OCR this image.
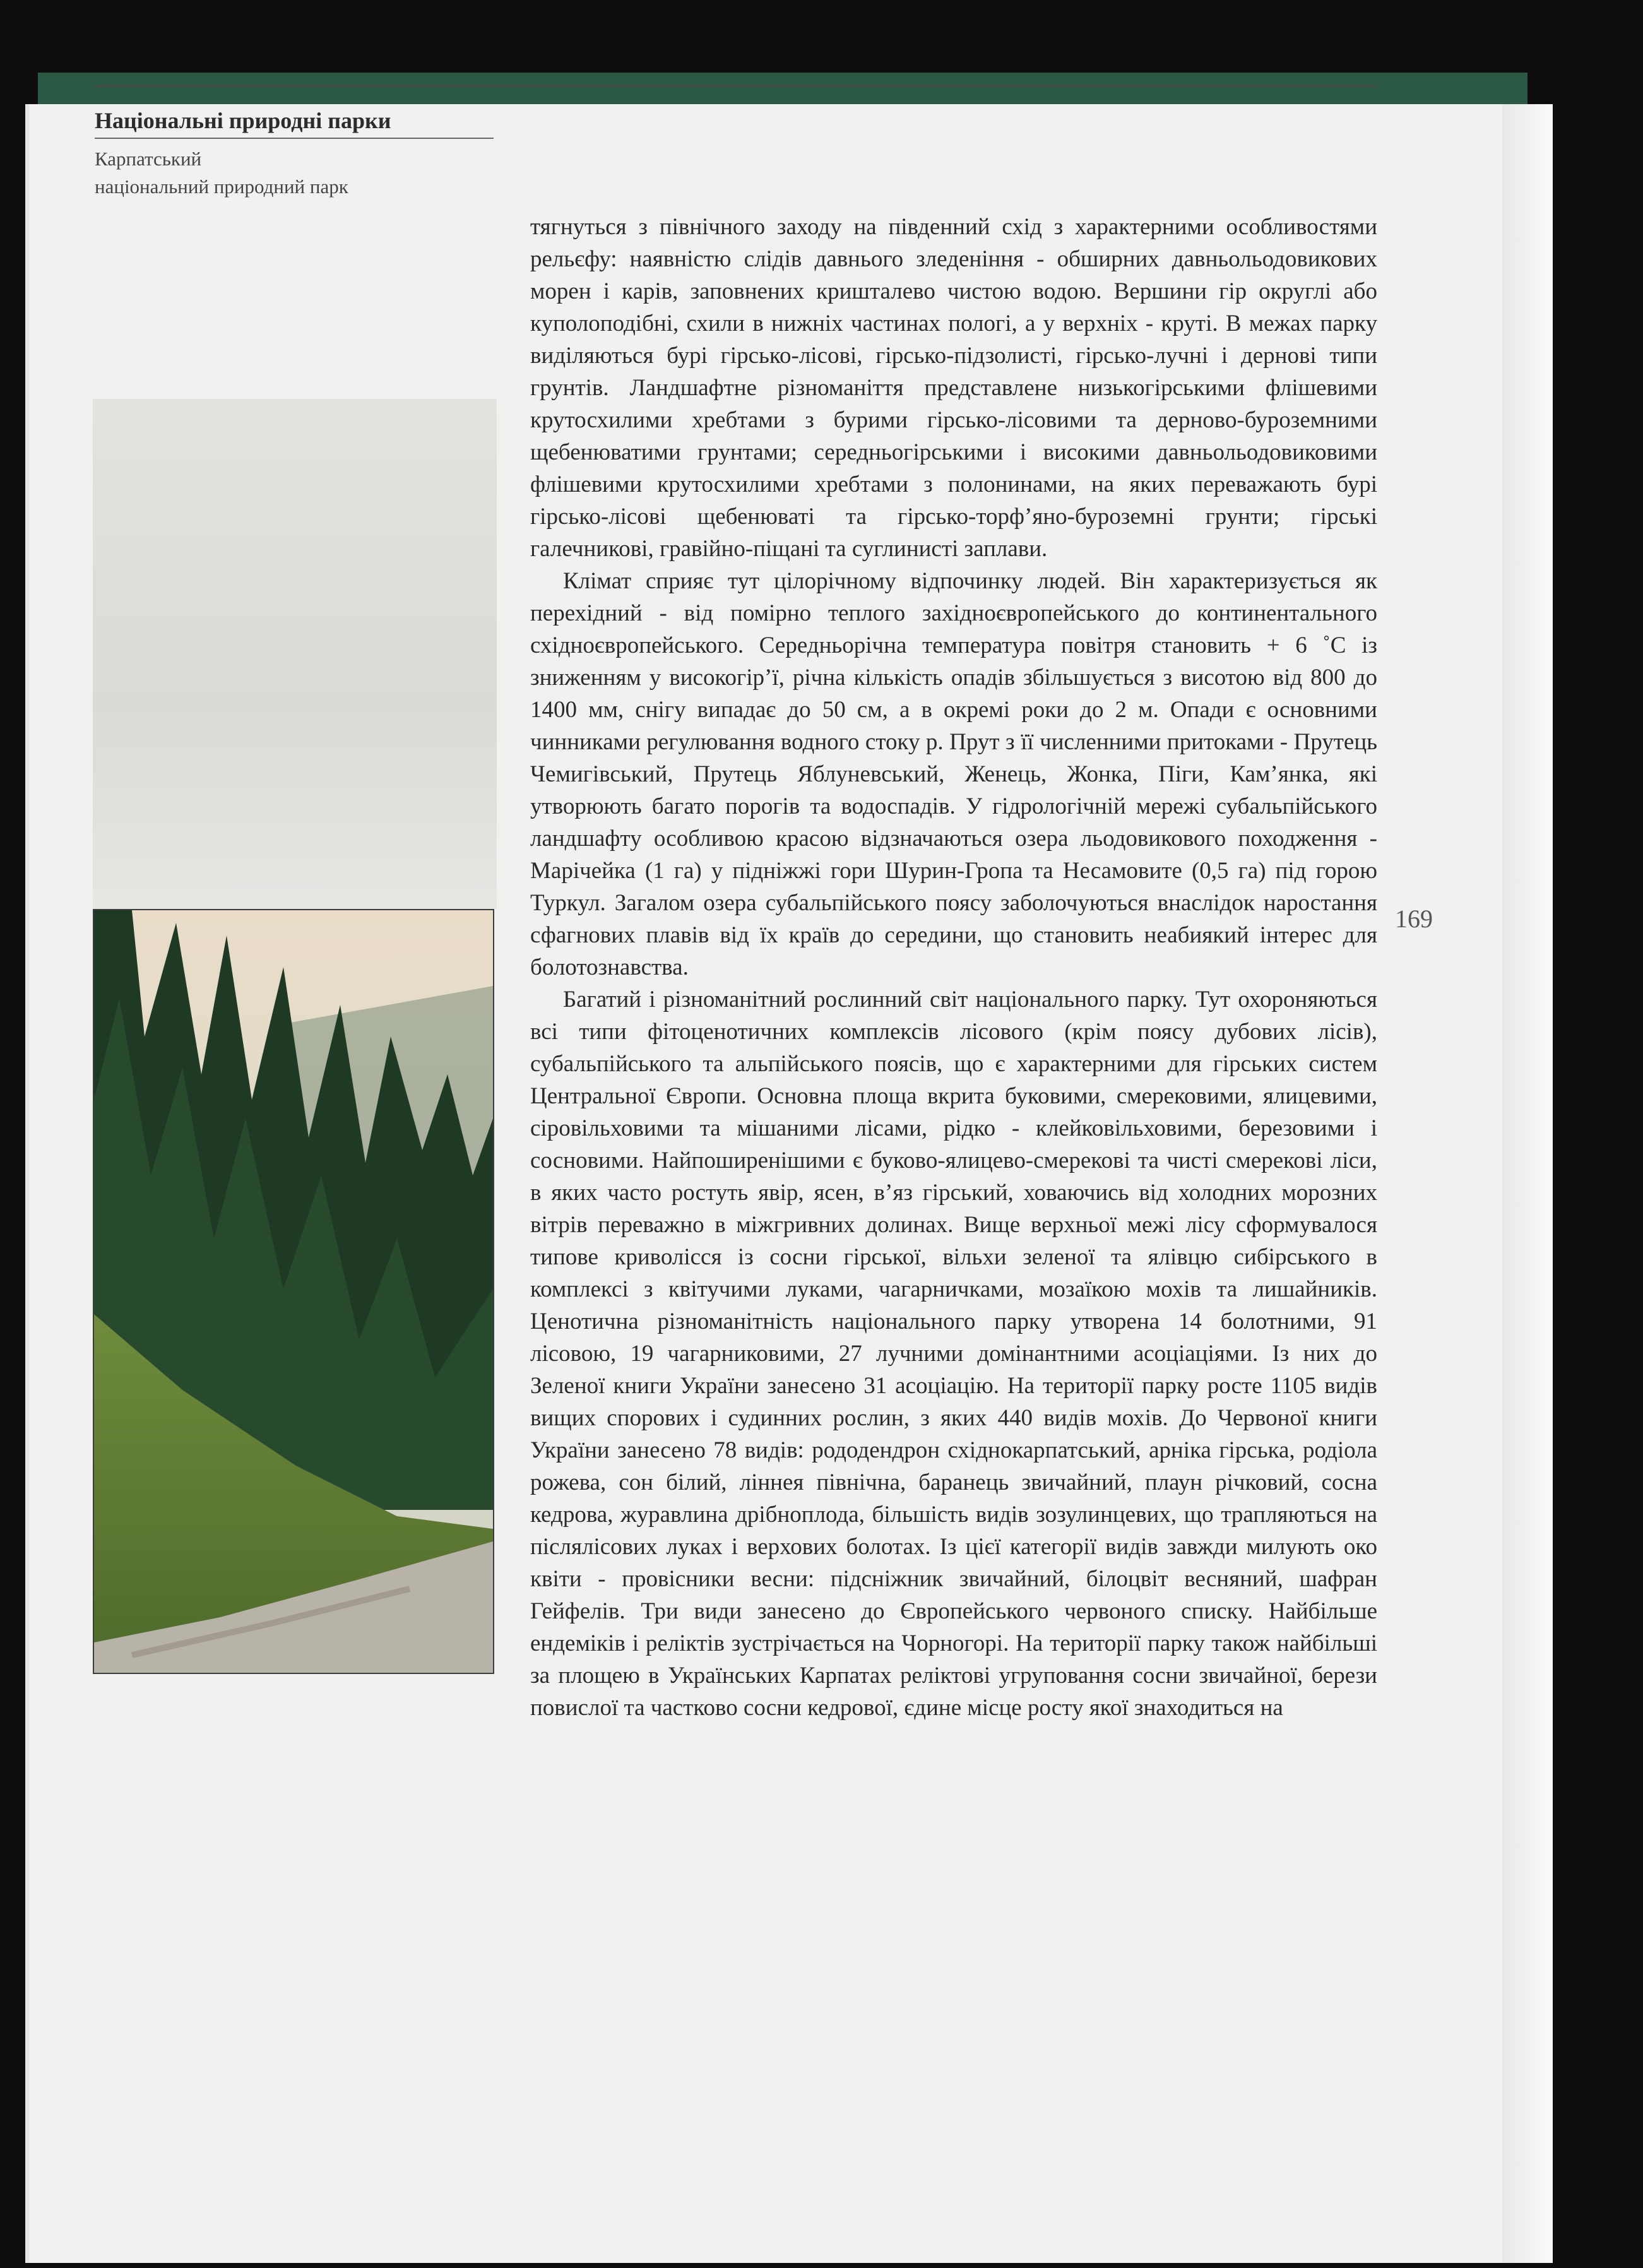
Національні природні парки
Карпатський
національний природний парк

тягнуться з північного заходу на південний схід з характерними особливостями рельєфу: наявністю слідів давнього зледеніння - обширних давньольодовикових морен і карів, заповнених кришталево чистою водою. Вершини гір округлі або куполоподібні, схили в нижніх частинах пологі, а у верхніх - круті. В межах парку виділяються бурі гірсько-лісові, гірсько-підзолисті, гірсько-лучні і дернові типи грунтів. Ландшафтне різноманіття представлене низькогірськими флішевими крутосхилими хребтами з бурими гірсько-лісовими та дерново-буроземними щебенюватими грунтами; середньогірськими і високими давньольодовиковими флішевими крутосхилими хребтами з полонинами, на яких переважають бурі гірсько-лісові щебенюваті та гірсько-торф’яно-буроземні грунти; гірські галечникові, гравійно-піщані та суглинисті заплави.

Клімат сприяє тут цілорічному відпочинку людей. Він характеризується як перехідний - від помірно теплого західноєвропейського до континентального східноєвропейського. Середньорічна температура повітря становить + 6 ˚С із зниженням у високогір’ї, річна кількість опадів збільшується з висотою від 800 до 1400 мм, снігу випадає до 50 см, а в окремі роки до 2 м. Опади є основними чинниками регулювання водного стоку р. Прут з її численними притоками - Прутець Чемигівський, Прутець Яблуневський, Женець, Жонка, Піги, Кам’янка, які утворюють багато порогів та водоспадів. У гідрологічній мережі субальпійського ландшафту особливою красою відзначаються озера льодовикового походження - Марічейка (1 га) у підніжжі гори Шурин-Гропа та Несамовите (0,5 га) під горою Туркул. Загалом озера субальпійського поясу заболочуються внаслідок наростання сфагнових плавів від їх країв до середини, що становить неабиякий інтерес для болотознавства.

Багатий і різноманітний рослинний світ національного парку. Тут охороняються всі типи фітоценотичних комплексів лісового (крім поясу дубових лісів), субальпійського та альпійського поясів, що є характерними для гірських систем Центральної Європи. Основна площа вкрита буковими, смерековими, ялицевими, сіровільховими та мішаними лісами, рідко - клейковільховими, березовими і сосновими. Найпоширенішими є буково-ялицево-смерекові та чисті смерекові ліси, в яких часто ростуть явір, ясен, в’яз гірський, ховаючись від холодних морозних вітрів переважно в міжгривних долинах. Вище верхньої межі лісу сформувалося типове криволісся із сосни гірської, вільхи зеленої та ялівцю сибірського в комплексі з квітучими луками, чагарничками, мозаїкою мохів та лишайників. Ценотична різноманітність національного парку утворена 14 болотними, 91 лісовою, 19 чагарниковими, 27 лучними домінантними асоціаціями. Із них до Зеленої книги України занесено 31 асоціацію. На території парку росте 1105 видів вищих спорових і судинних рослин, з яких 440 видів мохів. До Червоної книги України занесено 78 видів: рододендрон східнокарпатський, арніка гірська, родіола рожева, сон білий, ліннея північна, баранець звичайний, плаун річковий, сосна кедрова, журавлина дрібноплода, більшість видів зозулинцевих, що трапляються на післялісових луках і верхових болотах. Із цієї категорії видів завжди милують око квіти - провісники весни: підсніжник звичайний, білоцвіт весняний, шафран Гейфелів. Три види занесено до Європейського червоного списку. Найбільше ендеміків і реліктів зустрічається на Чорногорі. На території парку також найбільші за площею в Українських Карпатах реліктові угруповання сосни звичайної, берези повислої та частково сосни кедрової, єдине місце росту якої знаходиться на

169
